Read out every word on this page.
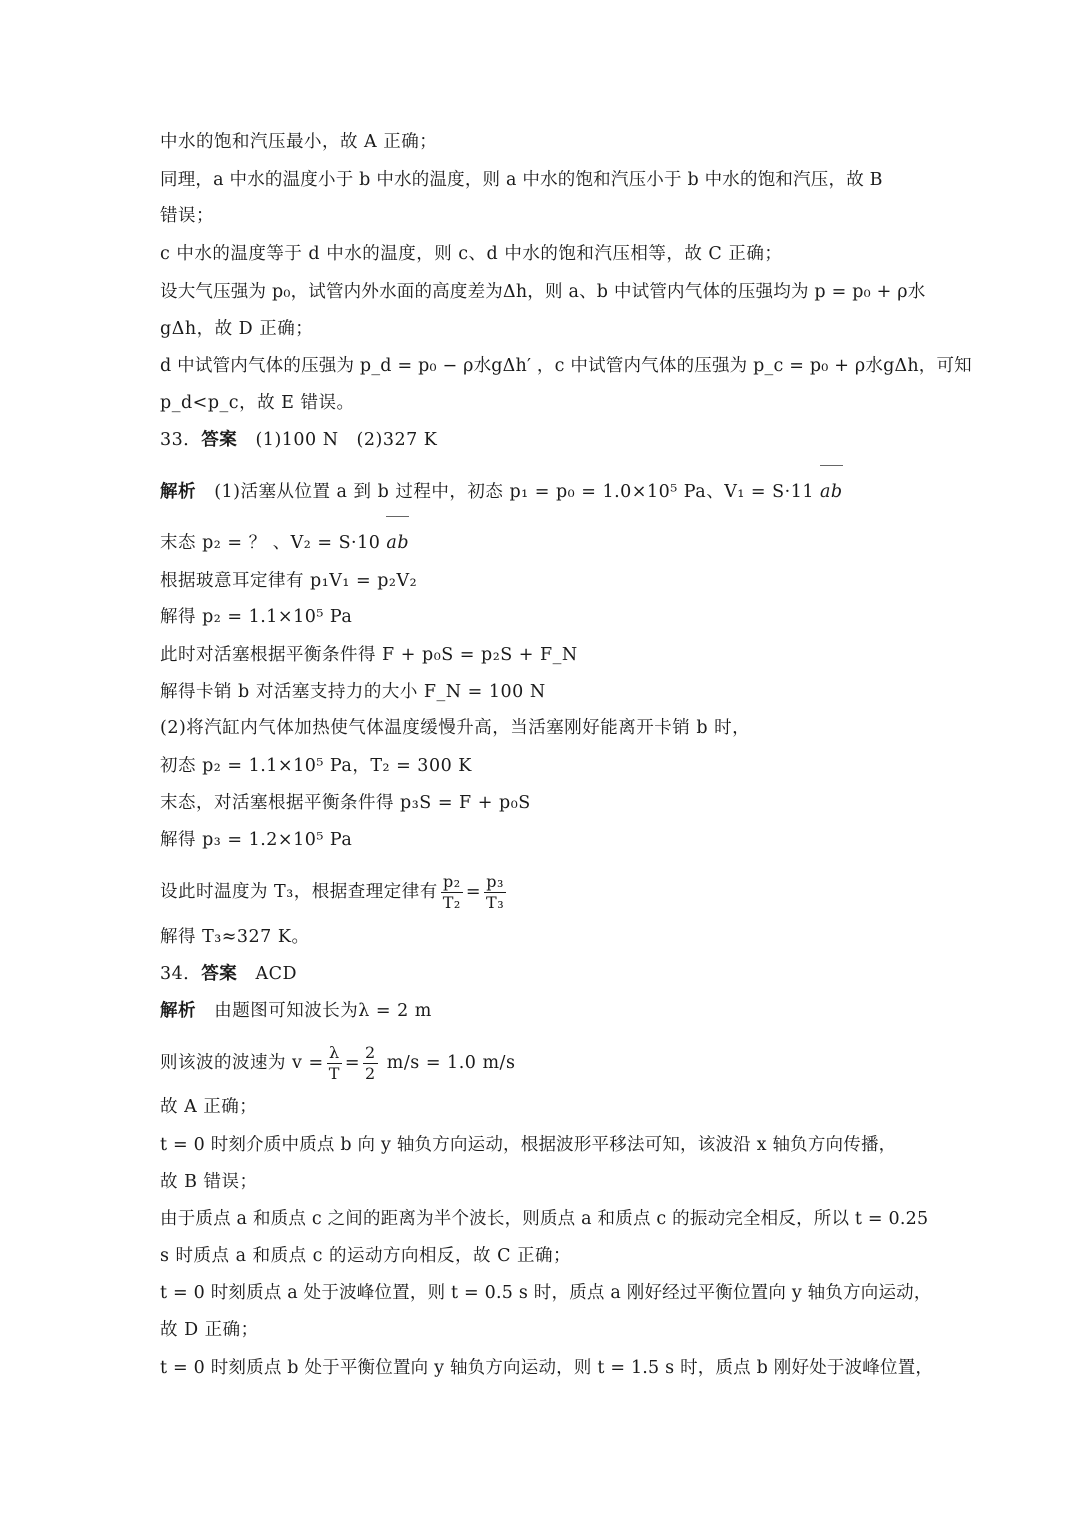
中水的饱和汽压最小，故 A 正确；
同理，a 中水的温度小于 b 中水的温度，则 a 中水的饱和汽压小于 b 中水的饱和汽压，故 B
错误；
c 中水的温度等于 d 中水的温度，则 c、d 中水的饱和汽压相等，故 C 正确；
设大气压强为 p₀，试管内外水面的高度差为Δh，则 a、b 中试管内气体的压强均为 p = p₀ + ρ水
gΔh，故 D 正确；
d 中试管内气体的压强为 p_d = p₀ − ρ水gΔh′ ，c 中试管内气体的压强为 p_c = p₀ + ρ水gΔh，可知
p_d<p_c，故 E 错误。
33．答案 (1)100 N　(2)327 K
解析 (1)活塞从位置 a 到 b 过程中，初态 p₁ = p₀ = 1.0×10⁵ Pa、V₁ = S·11 ab
末态 p₂ = ？ 、V₂ = S·10 ab
根据玻意耳定律有 p₁V₁ = p₂V₂
解得 p₂ = 1.1×10⁵ Pa
此时对活塞根据平衡条件得 F + p₀S = p₂S + F_N
解得卡销 b 对活塞支持力的大小 F_N = 100 N
(2)将汽缸内气体加热使气体温度缓慢升高，当活塞刚好能离开卡销 b 时，
初态 p₂ = 1.1×10⁵ Pa，T₂ = 300 K
末态，对活塞根据平衡条件得 p₃S = F + p₀S
解得 p₃ = 1.2×10⁵ Pa
设此时温度为 T₃，根据查理定律有 $\frac{\text{p₂}}{\text{T₂}} = \frac{\text{p₃}}{\text{T₃}}$
解得 T₃≈327 K。
34．答案 ACD
解析 由题图可知波长为λ = 2 m
则该波的波速为 $v = \frac{\lambda}{T} = \frac{2}{2} m/s = 1.0$ m/s
故 A 正确；
t = 0 时刻介质中质点 b 向 y 轴负方向运动，根据波形平移法可知，该波沿 x 轴负方向传播，
故 B 错误；
由于质点 a 和质点 c 之间的距离为半个波长，则质点 a 和质点 c 的振动完全相反，所以 t = 0.25
s 时质点 a 和质点 c 的运动方向相反，故 C 正确；
t = 0 时刻质点 a 处于波峰位置，则 t = 0.5 s 时，质点 a 刚好经过平衡位置向 y 轴负方向运动，
故 D 正确；
t = 0 时刻质点 b 处于平衡位置向 y 轴负方向运动，则 t = 1.5 s 时，质点 b 刚好处于波峰位置，
